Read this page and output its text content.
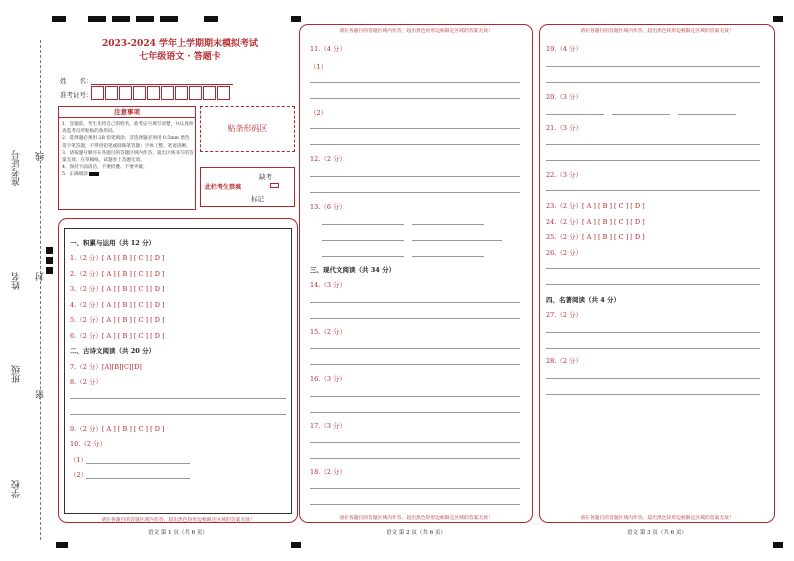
准考证号 线
姓名 封
班级
密
学校
2023-2024 学年上学期期末模拟考试
七年级语文 · 答题卡
姓　　名：
准考证号：
注意事项
1．答题前，考生先将自己的姓名，准考证号填写清楚，并认真检查监考员所粘贴的条形码。
2．选择题必须用 2B 铅笔填涂；非选择题必须用 0.5mm 黑色签字笔答题，不得用铅笔或圆珠笔答题；字体工整、笔迹清晰。
3．请按题号顺序在各题目的答题区域内作答，超出区域书写的答案无效；在草稿纸、试题卷上答题无效。
4．保持卡面清洁，不要折叠、不要弄破。
5．正确填涂
贴条形码区
此栏考生禁填
缺考
标记
一、积累与运用（共 12 分）
1.（2 分）[ A ] [ B ] [ C ] [ D ]
2.（2 分）[ A ] [ B ] [ C ] [ D ]
3.（2 分）[ A ] [ B ] [ C ] [ D ]
4.（2 分）[ A ] [ B ] [ C ] [ D ]
5.（2 分）[ A ] [ B ] [ C ] [ D ]
6.（2 分）[ A ] [ B ] [ C ] [ D ]
二、古诗文阅读（共 20 分）
7.（2 分）[A][B][C][D]
8.（2 分）
9.（2 分）[ A ] [ B ] [ C ] [ D ]
10.（2 分）
（1）
（2）
请在各题目的答题区域内作答，超出黑色矩形边框限定区域的答案无效！
语文 第 1 页（共 6 页）
请在各题目的答题区域内作答，超出黑色矩形边框限定区域的答案无效！
11.（4 分）
（1）
（2）
12.（2 分）
13.（6 分）
三、现代文阅读（共 34 分）
14.（3 分）
15.（2 分）
16.（3 分）
17.（3 分）
18.（2 分）
请在各题目的答题区域内作答，超出黑色矩形边框限定区域的答案无效！
语文 第 2 页（共 6 页）
请在各题目的答题区域内作答，超出黑色矩形边框限定区域的答案无效！
19.（4 分）
20.（3 分）
21.（3 分）
22.（3 分）
23.（2 分）[ A ] [ B ] [ C ] [ D ]
24.（2 分）[ A ] [ B ] [ C ] [ D ]
25.（2 分）[ A ] [ B ] [ C ] [ D ]
26.（2 分）
四、名著阅读（共 4 分）
27.（2 分）
28.（2 分）
请在各题目的答题区域内作答，超出黑色矩形边框限定区域的答案无效！
语文 第 3 页（共 6 页）
